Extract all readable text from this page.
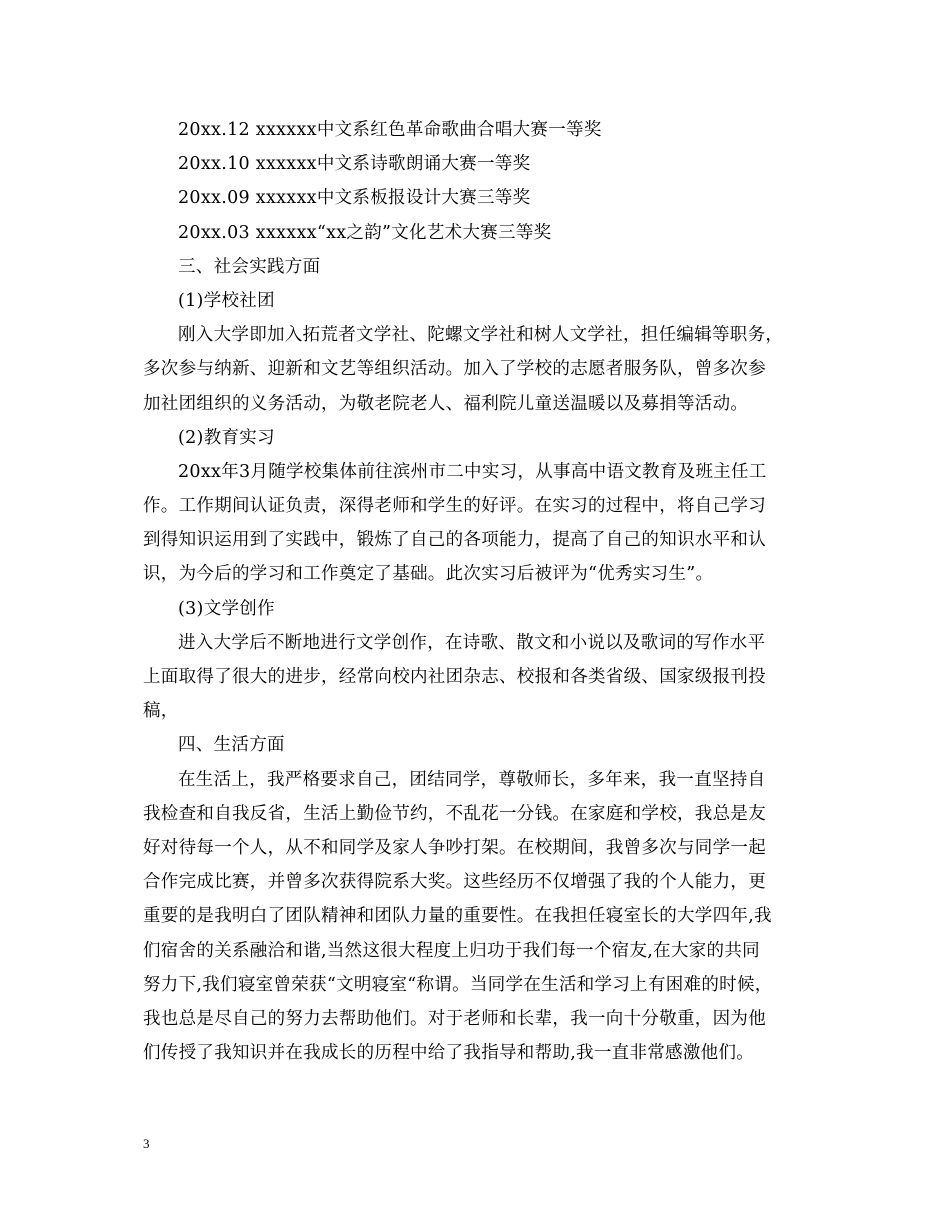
20xx.12 xxxxxx中文系红色革命歌曲合唱大赛一等奖
20xx.10 xxxxxx中文系诗歌朗诵大赛一等奖
20xx.09 xxxxxx中文系板报设计大赛三等奖
20xx.03 xxxxxx“xx之韵”文化艺术大赛三等奖
三、社会实践方面
(1)学校社团
刚入大学即加入拓荒者文学社、陀螺文学社和树人文学社，担任编辑等职务，
多次参与纳新、迎新和文艺等组织活动。加入了学校的志愿者服务队，曾多次参
加社团组织的义务活动，为敬老院老人、福利院儿童送温暖以及募捐等活动。
(2)教育实习
20xx年3月随学校集体前往滨州市二中实习，从事高中语文教育及班主任工
作。工作期间认证负责，深得老师和学生的好评。在实习的过程中，将自己学习
到得知识运用到了实践中，锻炼了自己的各项能力，提高了自己的知识水平和认
识，为今后的学习和工作奠定了基础。此次实习后被评为“优秀实习生”。
(3)文学创作
进入大学后不断地进行文学创作，在诗歌、散文和小说以及歌词的写作水平
上面取得了很大的进步，经常向校内社团杂志、校报和各类省级、国家级报刊投
稿，
四、生活方面
在生活上，我严格要求自己，团结同学，尊敬师长，多年来，我一直坚持自
我检查和自我反省，生活上勤俭节约，不乱花一分钱。在家庭和学校，我总是友
好对待每一个人，从不和同学及家人争吵打架。在校期间，我曾多次与同学一起
合作完成比赛，并曾多次获得院系大奖。这些经历不仅增强了我的个人能力，更
重要的是我明白了团队精神和团队力量的重要性。在我担任寝室长的大学四年,我
们宿舍的关系融洽和谐,当然这很大程度上归功于我们每一个宿友,在大家的共同
努力下,我们寝室曾荣获“文明寝室“称谓。当同学在生活和学习上有困难的时候，
我也总是尽自己的努力去帮助他们。对于老师和长辈，我一向十分敬重，因为他
们传授了我知识并在我成长的历程中给了我指导和帮助,我一直非常感激他们。
3
